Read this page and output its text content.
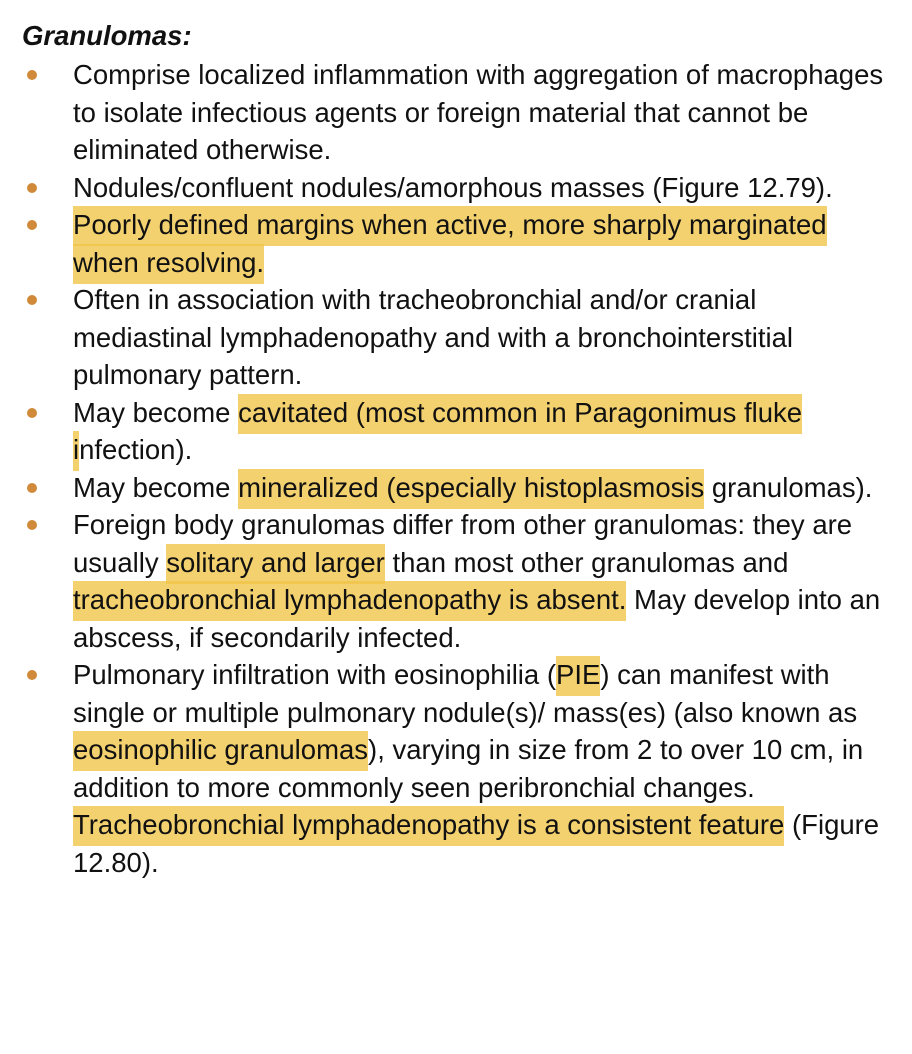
Granulomas:

Comprise localized inflammation with aggregation of macrophages to isolate infectious agents or foreign material that cannot be eliminated otherwise.
Nodules/confluent nodules/amorphous masses (Figure 12.79).
Poorly defined margins when active, more sharply marginated when resolving.
Often in association with tracheobronchial and/or cranial mediastinal lymphadenopathy and with a bronchointerstitial pulmonary pattern.
May become cavitated (most common in Paragonimus fluke infection).
May become mineralized (especially histoplasmosis granulomas).
Foreign body granulomas differ from other granulomas: they are usually solitary and larger than most other granulomas and tracheobronchial lymphadenopathy is absent. May develop into an abscess, if secondarily infected.
Pulmonary infiltration with eosinophilia (PIE) can manifest with single or multiple pulmonary nodule(s)/ mass(es) (also known as eosinophilic granulomas), varying in size from 2 to over 10 cm, in addition to more commonly seen peribronchial changes. Tracheobronchial lymphadenopathy is a consistent feature (Figure 12.80).
